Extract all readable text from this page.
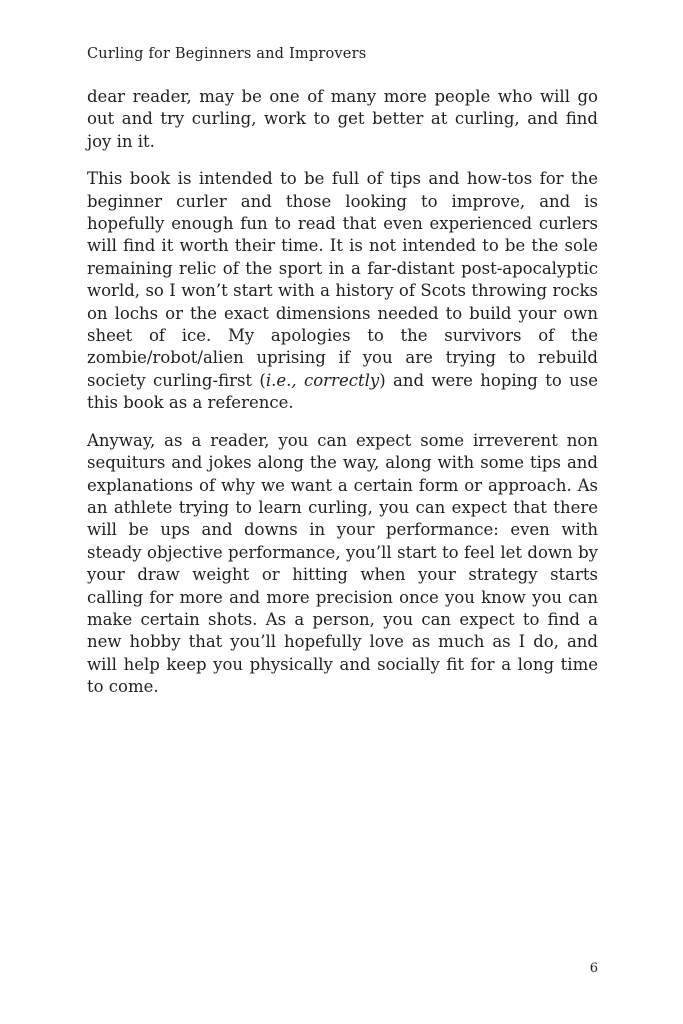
Curling for Beginners and Improvers

dear reader, may be one of many more people who will go out and try curling, work to get better at curling, and find joy in it.

This book is intended to be full of tips and how-tos for the beginner curler and those looking to improve, and is hopefully enough fun to read that even experienced curlers will find it worth their time. It is not intended to be the sole remaining relic of the sport in a far-distant post-apocalyptic world, so I won’t start with a history of Scots throwing rocks on lochs or the exact dimensions needed to build your own sheet of ice. My apologies to the survivors of the zombie/robot/alien uprising if you are trying to rebuild society curling-first (i.e., correctly) and were hoping to use this book as a reference.

Anyway, as a reader, you can expect some irreverent non sequiturs and jokes along the way, along with some tips and explanations of why we want a certain form or approach. As an athlete trying to learn curling, you can expect that there will be ups and downs in your performance: even with steady objective performance, you’ll start to feel let down by your draw weight or hitting when your strategy starts calling for more and more precision once you know you can make certain shots. As a person, you can expect to find a new hobby that you’ll hopefully love as much as I do, and will help keep you physically and socially fit for a long time to come.

6
